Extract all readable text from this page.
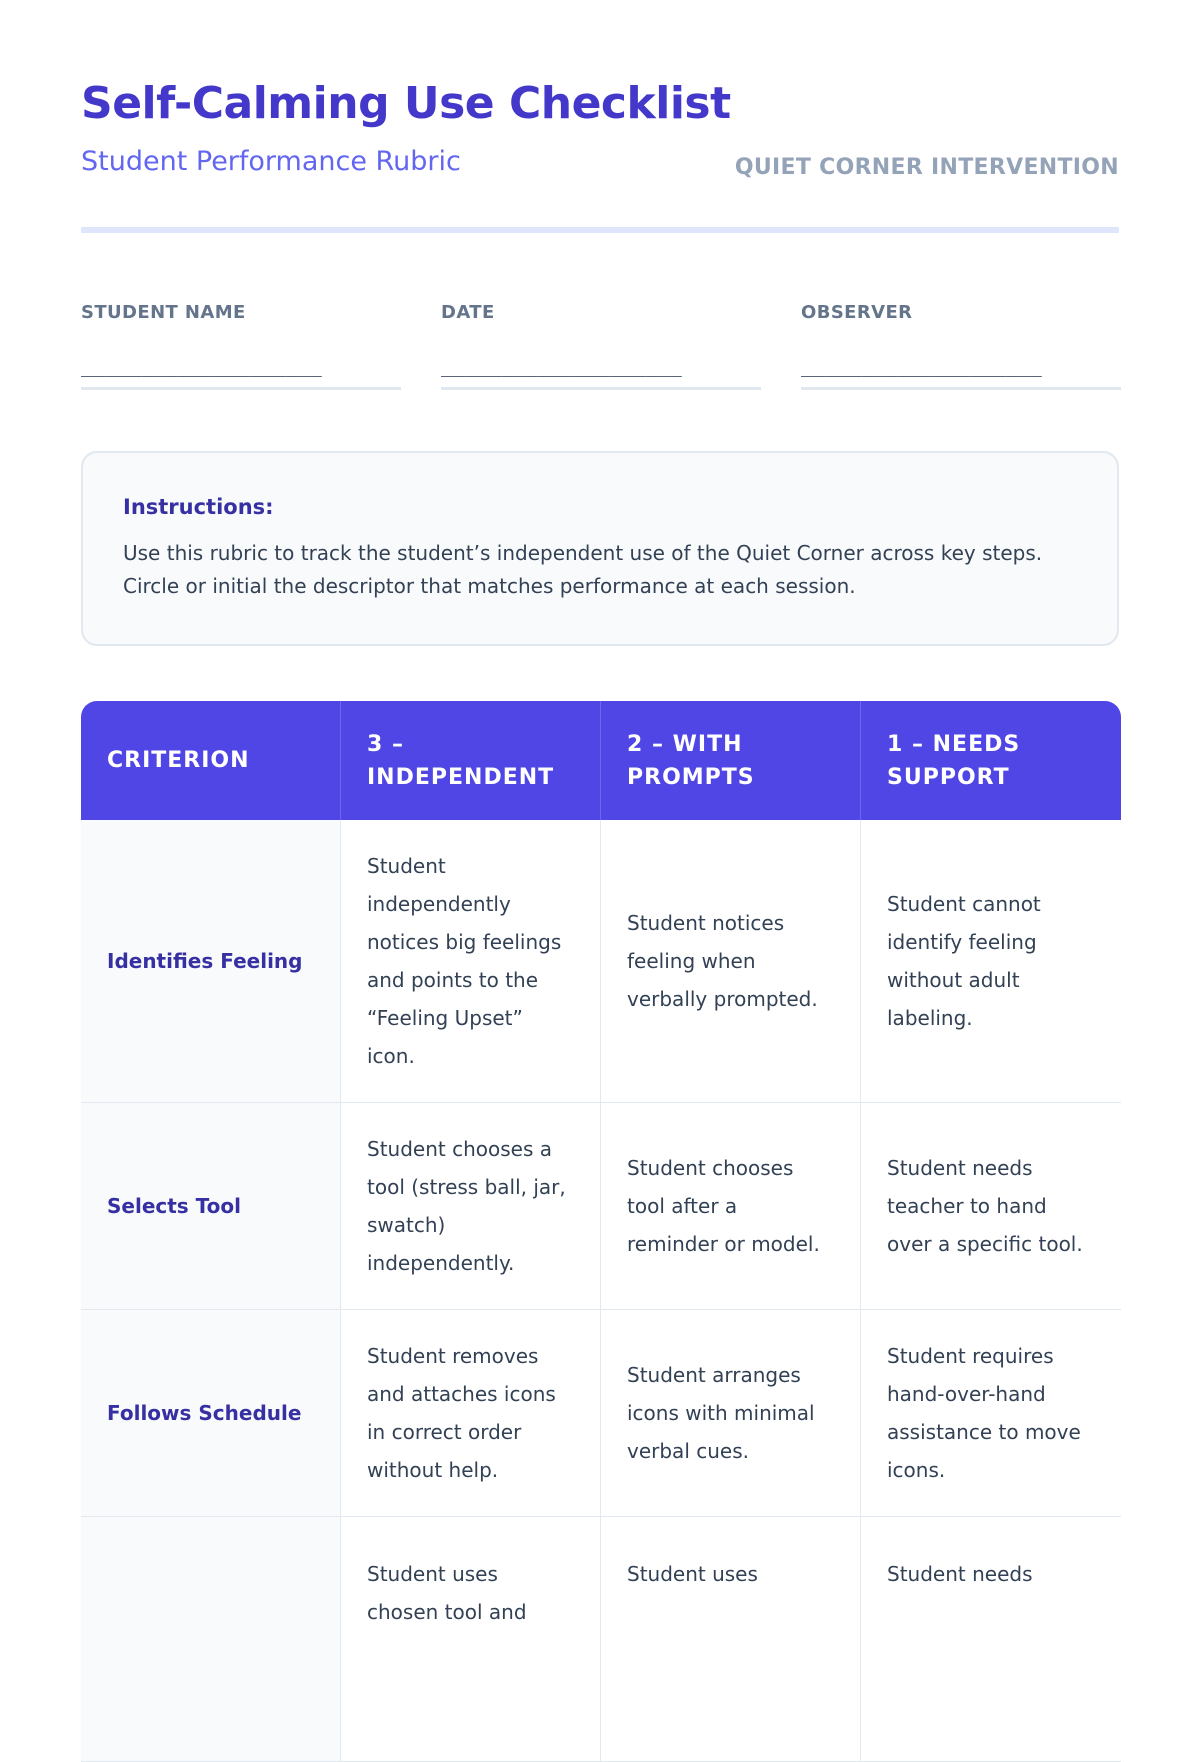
Self-Calming Use Checklist
Student Performance Rubric	QUIET CORNER INTERVENTION
STUDENT NAME
____________________
DATE
____________________
OBSERVER
____________________
Instructions:
Use this rubric to track the student’s independent use of the Quiet Corner across key steps. Circle or initial the descriptor that matches performance at each session.
CRITERION	3 – INDEPENDENT	2 – WITH PROMPTS	1 – NEEDS SUPPORT
Identifies Feeling	Student independently notices big feelings and points to the “Feeling Upset” icon.	Student notices feeling when verbally prompted.	Student cannot identify feeling without adult labeling.
Selects Tool	Student chooses a tool (stress ball, jar, swatch) independently.	Student chooses tool after a reminder or model.	Student needs teacher to hand over a specific tool.
Follows Schedule	Student removes and attaches icons in correct order without help.	Student arranges icons with minimal verbal cues.	Student requires hand-over-hand assistance to move icons.
	Student uses chosen tool and	Student uses	Student needs
